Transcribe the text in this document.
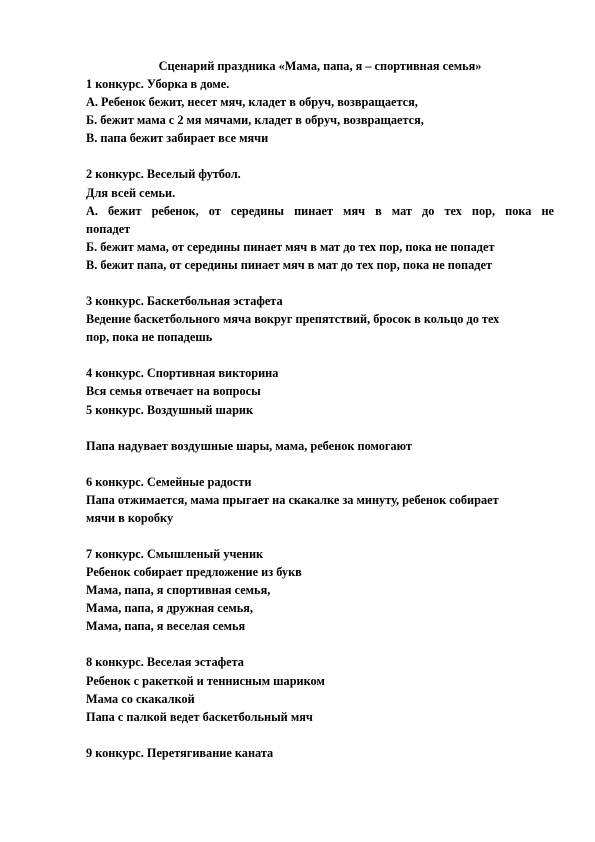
Сценарий праздника «Мама, папа, я – спортивная семья»

1 конкурс. Уборка в доме.

А. Ребенок бежит, несет мяч, кладет в обруч, возвращается,

Б. бежит мама с 2 мя мячами, кладет в обруч, возвращается,

В. папа бежит забирает все мячи

2 конкурс. Веселый футбол.

Для всей семьи.

А. бежит ребенок, от середины пинает мяч в мат до тех пор, пока не

попадет

Б. бежит мама, от середины пинает мяч в мат до тех пор, пока не попадет

В. бежит папа, от середины пинает мяч в мат до тех пор, пока не попадет

3 конкурс. Баскетбольная эстафета

Ведение баскетбольного мяча вокруг препятствий, бросок в кольцо до тех

пор, пока не попадешь

4 конкурс. Спортивная викторина

Вся семья отвечает на вопросы

5 конкурс. Воздушный шарик

Папа надувает воздушные шары, мама, ребенок помогают

6 конкурс. Семейные радости

Папа отжимается, мама прыгает на скакалке за минуту, ребенок собирает

мячи в коробку

7 конкурс. Смышленый ученик

Ребенок собирает предложение из букв

Мама, папа, я спортивная семья,

Мама, папа, я дружная семья,

Мама, папа, я веселая семья

8 конкурс. Веселая эстафета

Ребенок с ракеткой и теннисным шариком

Мама со скакалкой

Папа с палкой ведет баскетбольный мяч

9 конкурс. Перетягивание каната
